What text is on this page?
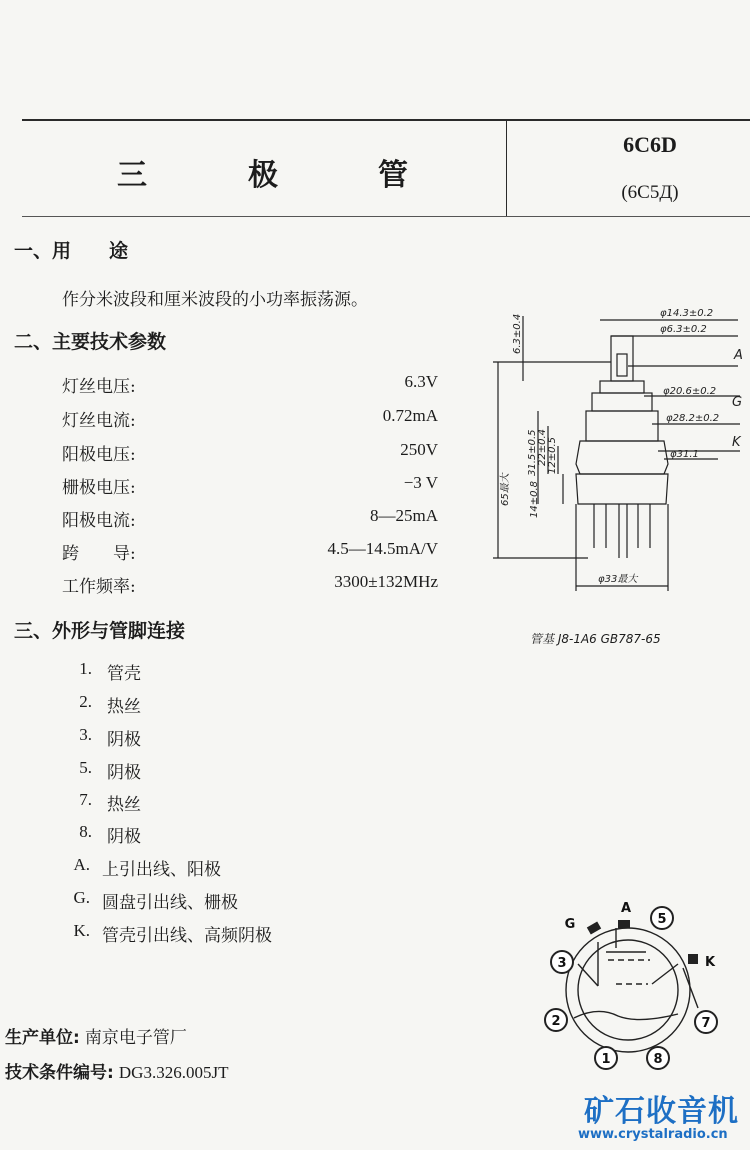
三	极	管
6C6D
(6C5Д)
一、用　　途
作分米波段和厘米波段的小功率振荡源。
二、主要技术参数
灯丝电压:	6.3V
灯丝电流:	0.72mA
阳极电压:	250V
栅极电压:	−3 V
阳极电流:	8—25mA
跨　　导:	4.5—14.5mA/V
工作频率:	3300±132MHz
三、外形与管脚连接
1. 管壳
2. 热丝
3. 阴极
5. 阴极
7. 热丝
8. 阴极
A. 上引出线、阳极
G. 圆盘引出线、栅极
K. 管壳引出线、高频阴极
生产单位: 南京电子管厂
技术条件编号: DG3.326.005JT
φ14.3±0.2
φ6.3±0.2
φ20.6±0.2
φ28.2±0.2
φ31.1
φ33最大
6.3±0.4
31.5±0.5 22±0.4 12±0.5
14±0.8
65最大
A
G
K
管基 J8-1А6 GB787-65
5
3
2	7
1	8
A
G
K
矿石收音机
www.crystalradio.cn
